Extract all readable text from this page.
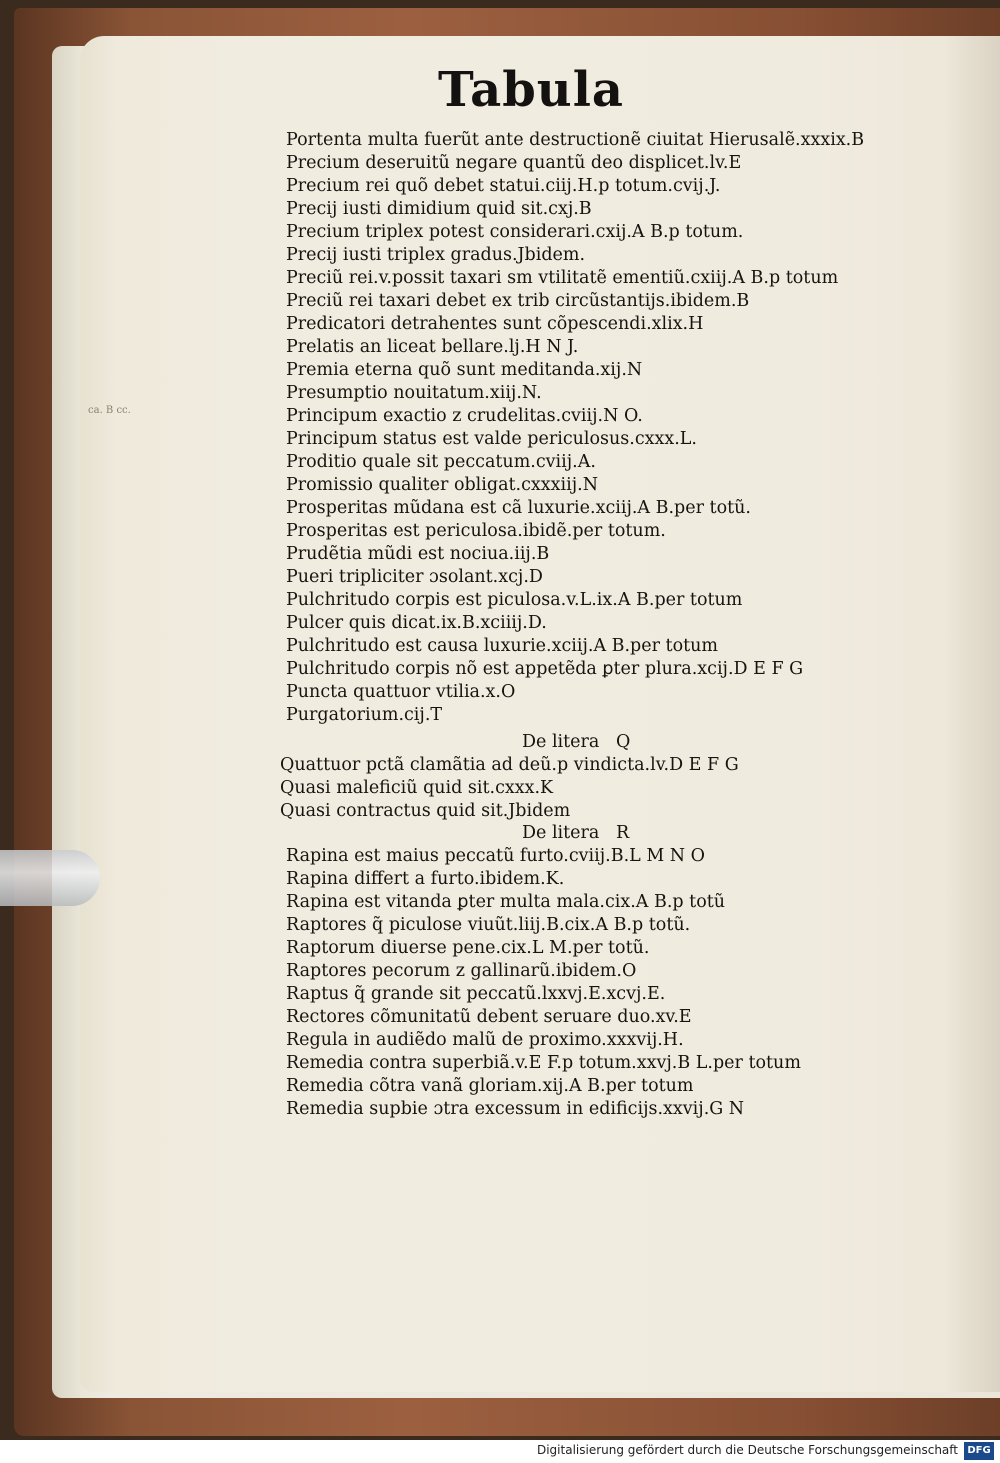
Tabula
ca. B cc.
Portenta multa fuerũt ante destructionẽ ciuitat Hierusalẽ.xxxix.B
Precium deseruitũ negare quantũ deo displicet.lv.E
Precium rei quõ debet statui.ciij.H.p totum.cvij.J.
Precij iusti dimidium quid sit.cxj.B
Precium triplex potest considerari.cxij.A B.p totum.
Precij iusti triplex gradus.Jbidem.
Preciũ rei.v.possit taxari sm vtilitatẽ ementiũ.cxiij.A B.p totum
Preciũ rei taxari debet ex trib circũstantijs.ibidem.B
Predicatori detrahentes sunt cõpescendi.xlix.H
Prelatis an liceat bellare.lj.H N J.
Premia eterna quõ sunt meditanda.xij.N
Presumptio nouitatum.xiij.N.
Principum exactio z crudelitas.cviij.N O.
Principum status est valde periculosus.cxxx.L.
Proditio quale sit peccatum.cviij.A.
Promissio qualiter obligat.cxxxiij.N
Prosperitas mũdana est cã luxurie.xciij.A B.per totũ.
Prosperitas est periculosa.ibidẽ.per totum.
Prudẽtia mũdi est nociua.iij.B
Pueri tripliciter ɔsolant.xcj.D
Pulchritudo corpis est piculosa.v.L.ix.A B.per totum
Pulcer quis dicat.ix.B.xciiij.D.
Pulchritudo est causa luxurie.xciij.A B.per totum
Pulchritudo corpis nõ est appetẽda ꝑter plura.xcij.D E F G
Puncta quattuor vtilia.x.O
Purgatorium.cij.T
De litera Q
Quattuor pctã clamãtia ad deũ.p vindicta.lv.D E F G
Quasi maleficiũ quid sit.cxxx.K
Quasi contractus quid sit.Jbidem
De litera R
Rapina est maius peccatũ furto.cviij.B.L M N O
Rapina differt a furto.ibidem.K.
Rapina est vitanda ꝑter multa mala.cix.A B.p totũ
Raptores q̃ piculose viuũt.liij.B.cix.A B.p totũ.
Raptorum diuerse pene.cix.L M.per totũ.
Raptores pecorum z gallinarũ.ibidem.O
Raptus q̃ grande sit peccatũ.lxxvj.E.xcvj.E.
Rectores cõmunitatũ debent seruare duo.xv.E
Regula in audiẽdo malũ de proximo.xxxvij.H.
Remedia contra superbiã.v.E F.p totum.xxvj.B L.per totum
Remedia cõtra vanã gloriam.xij.A B.per totum
Remedia supbie ɔtra excessum in edificijs.xxvij.G N
Digitalisierung gefördert durch die Deutsche Forschungsgemeinschaft DFG
